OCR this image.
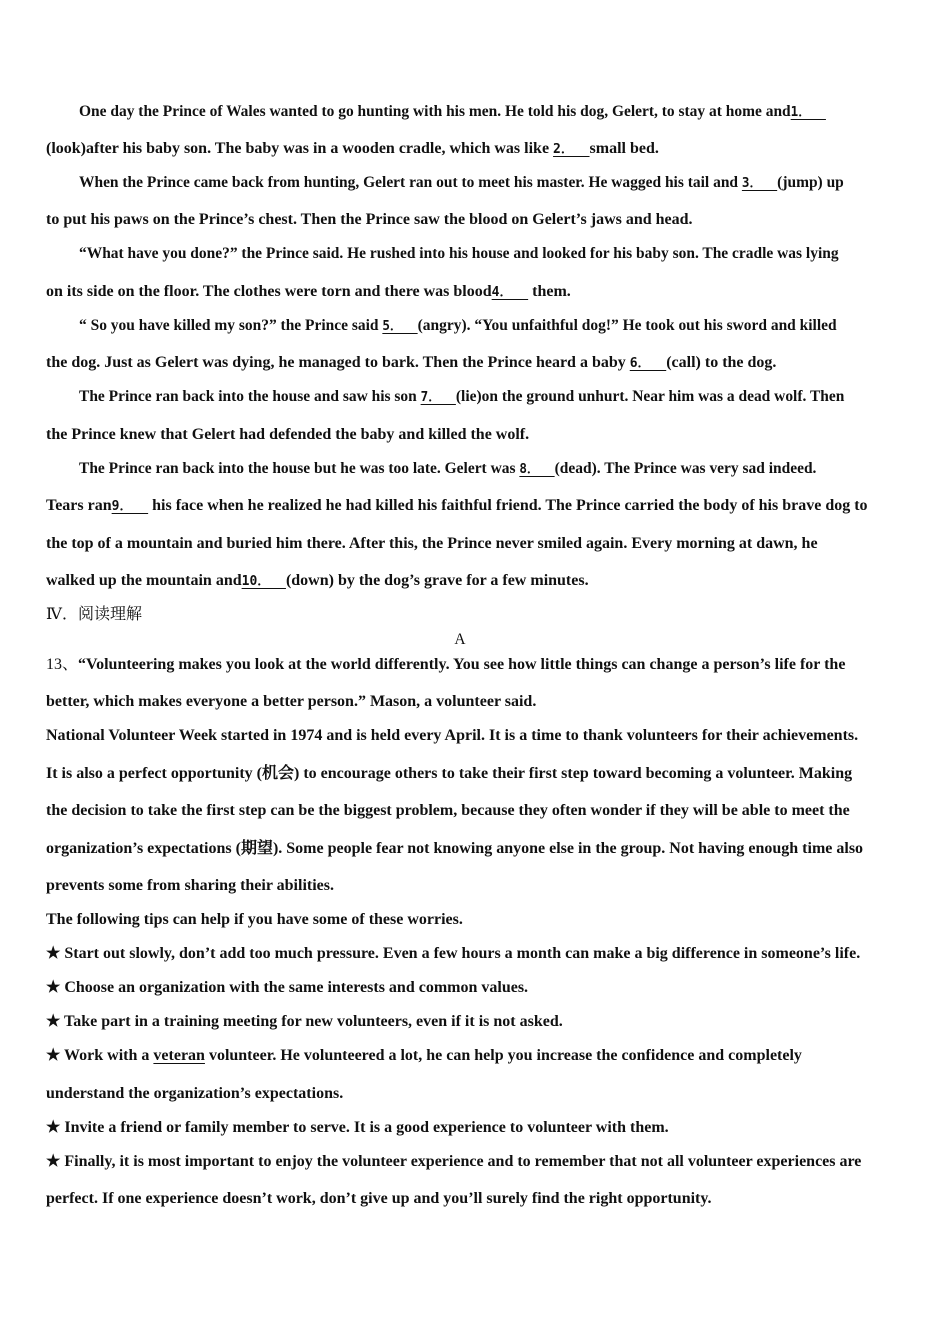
One day the Prince of Wales wanted to go hunting with his men. He told his dog, Gelert, to stay at home and1．
(look)after his baby son. The baby was in a wooden cradle, which was like 2．  small bed.
When the Prince came back from hunting, Gelert ran out to meet his master. He wagged his tail and 3．  (jump) up
to put his paws on the Prince’s chest. Then the Prince saw the blood on Gelert’s jaws and head.
“What have you done?” the Prince said. He rushed into his house and looked for his baby son. The cradle was lying
on its side on the floor. The clothes were torn and there was blood4．   them.
“ So you have killed my son?” the Prince said 5．  (angry). “You unfaithful dog!” He took out his sword and killed
the dog. Just as Gelert was dying, he managed to bark. Then the Prince heard a baby 6．  (call) to the dog.
The Prince ran back into the house and saw his son 7．  (lie)on the ground unhurt. Near him was a dead wolf. Then
the Prince knew that Gelert had defended the baby and killed the wolf.
The Prince ran back into the house but he was too late. Gelert was 8．  (dead). The Prince was very sad indeed.
Tears ran9．   his face when he realized he had killed his faithful friend. The Prince carried the body of his brave dog to
the top of a mountain and buried him there. After this, the Prince never smiled again. Every morning at dawn, he
walked up the mountain and10．  (down) by the dog’s grave for a few minutes.
Ⅳ．阅读理解
A
13、“Volunteering makes you look at the world differently. You see how little things can change a person’s life for the
better, which makes everyone a better person.” Mason, a volunteer said.
National Volunteer Week started in 1974 and is held every April. It is a time to thank volunteers for their achievements.
It is also a perfect opportunity (机会) to encourage others to take their first step toward becoming a volunteer. Making
the decision to take the first step can be the biggest problem, because they often wonder if they will be able to meet the
organization’s expectations (期望). Some people fear not knowing anyone else in the group. Not having enough time also
prevents some from sharing their abilities.
The following tips can help if you have some of these worries.
★ Start out slowly, don’t add too much pressure. Even a few hours a month can make a big difference in someone’s life.
★ Choose an organization with the same interests and common values.
★ Take part in a training meeting for new volunteers, even if it is not asked.
★ Work with a veteran volunteer. He volunteered a lot, he can help you increase the confidence and completely
understand the organization’s expectations.
★ Invite a friend or family member to serve. It is a good experience to volunteer with them.
★ Finally, it is most important to enjoy the volunteer experience and to remember that not all volunteer experiences are
perfect. If one experience doesn’t work, don’t give up and you’ll surely find the right opportunity.
